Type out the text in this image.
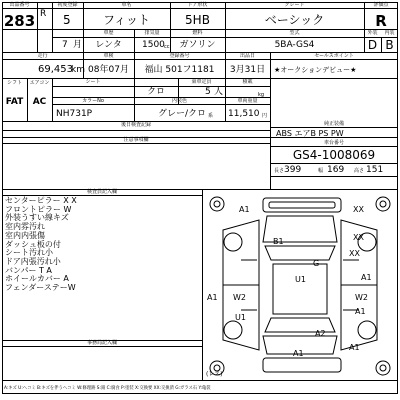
出品番号
283
初度登録
R 5
7 月
車名
フィット
ドア形状
5HB
グレード
ベーシック
評価点
R
車歴
レンタ
排気量
1500 cc
燃料
ガソリン
型式
5BA-GS4
外装
D
内装
B
走行
69,453
km
車検
08年07月
登録番号
福山 501フ1181
出品日
3月31日
セールスポイント
★オークションデビュー★
シフト
FAT
エアコン
AC
シート
クロ
乗車定員
5 人
積載
kg
カラーNo
NH731P
内装色
グレー/クロ 系
車両重量
11,510 円
後日検査記録	純正装備
ABS エアB PS PW
車台番号
GS4-1008069
長さ 399	幅 169 高さ 151
注意事項欄
検査員記入欄
センターピラー X X
フロントピラー W
外装うすい線キズ
室内雰汚れ
室内内張傷
ダッシュ板の付
シート汚れ小
ドア内張汚れ小
バンパー T A
ホイールカバー A
フェンダーステーW
事務局記入欄
A:キズ U:ヘコミ B:キズを伴うヘコミ W:修理跡 S:錆 C:腐食 P:塗装 X:交換要 XX:交換済 G:ガラス石 Y:亀裂
A1	XX
XX
XX
A1
B1
G
U1
A1 W2
U1
W2
A1
A2
A1
A1
(レス)
